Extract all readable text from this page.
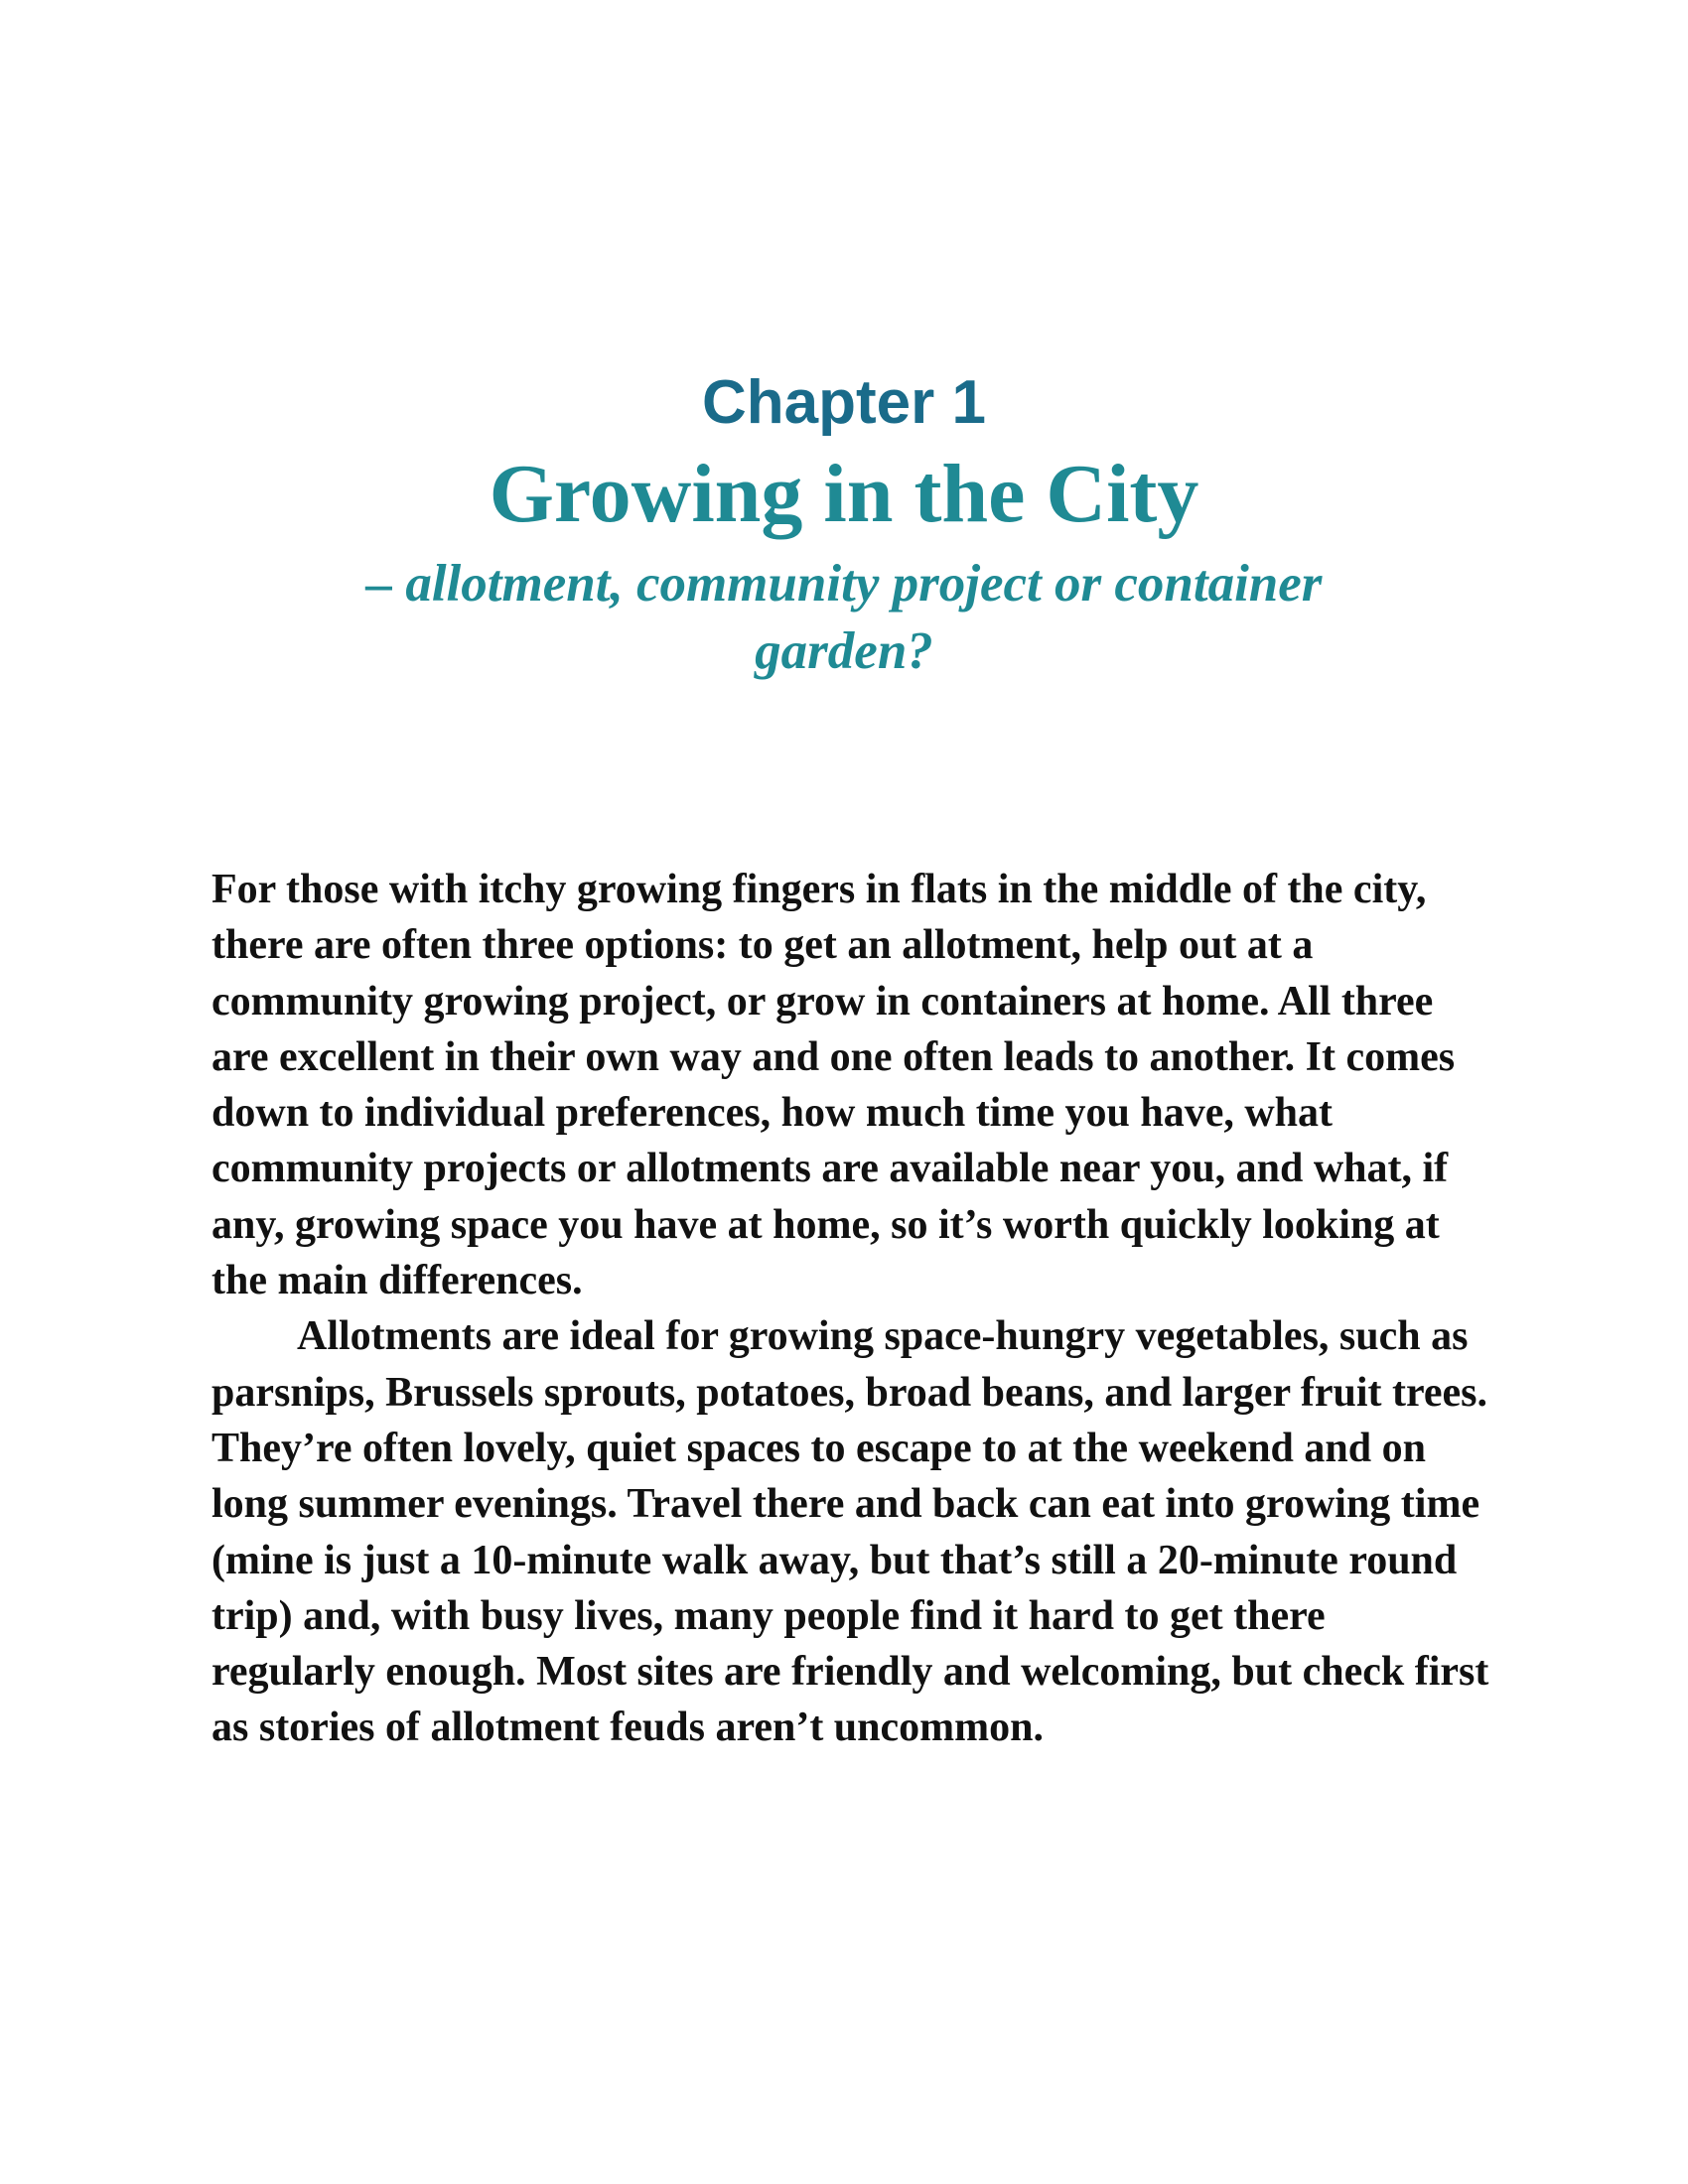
Chapter 1
Growing in the City
– allotment, community project or container garden?

For those with itchy growing fingers in flats in the middle of the city, there are often three options: to get an allotment, help out at a community growing project, or grow in containers at home. All three are excellent in their own way and one often leads to another. It comes down to individual preferences, how much time you have, what community projects or allotments are available near you, and what, if any, growing space you have at home, so it’s worth quickly looking at the main differences.

Allotments are ideal for growing space-hungry vegetables, such as parsnips, Brussels sprouts, potatoes, broad beans, and larger fruit trees. They’re often lovely, quiet spaces to escape to at the weekend and on long summer evenings. Travel there and back can eat into growing time (mine is just a 10-minute walk away, but that’s still a 20-minute round trip) and, with busy lives, many people find it hard to get there regularly enough. Most sites are friendly and welcoming, but check first as stories of allotment feuds aren’t uncommon.
